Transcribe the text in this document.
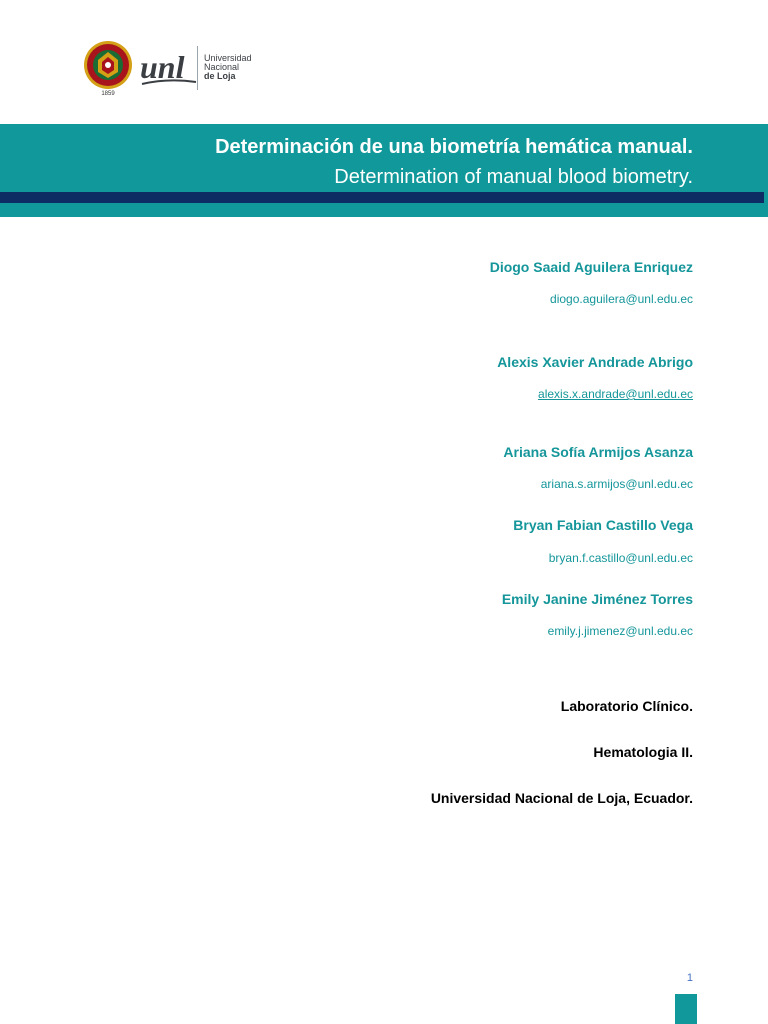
1859
unl Universidad
Nacional
de Loja
Determinación de una biometría hemática manual.
Determination of manual blood biometry.
Diogo Saaid Aguilera Enriquez
diogo.aguilera@unl.edu.ec
Alexis Xavier Andrade Abrigo
alexis.x.andrade@unl.edu.ec
Ariana Sofía Armijos Asanza
ariana.s.armijos@unl.edu.ec
Bryan Fabian Castillo Vega
bryan.f.castillo@unl.edu.ec
Emily Janine Jiménez Torres
emily.j.jimenez@unl.edu.ec
Laboratorio Clínico.
Hematologia II.
Universidad Nacional de Loja, Ecuador.
1
